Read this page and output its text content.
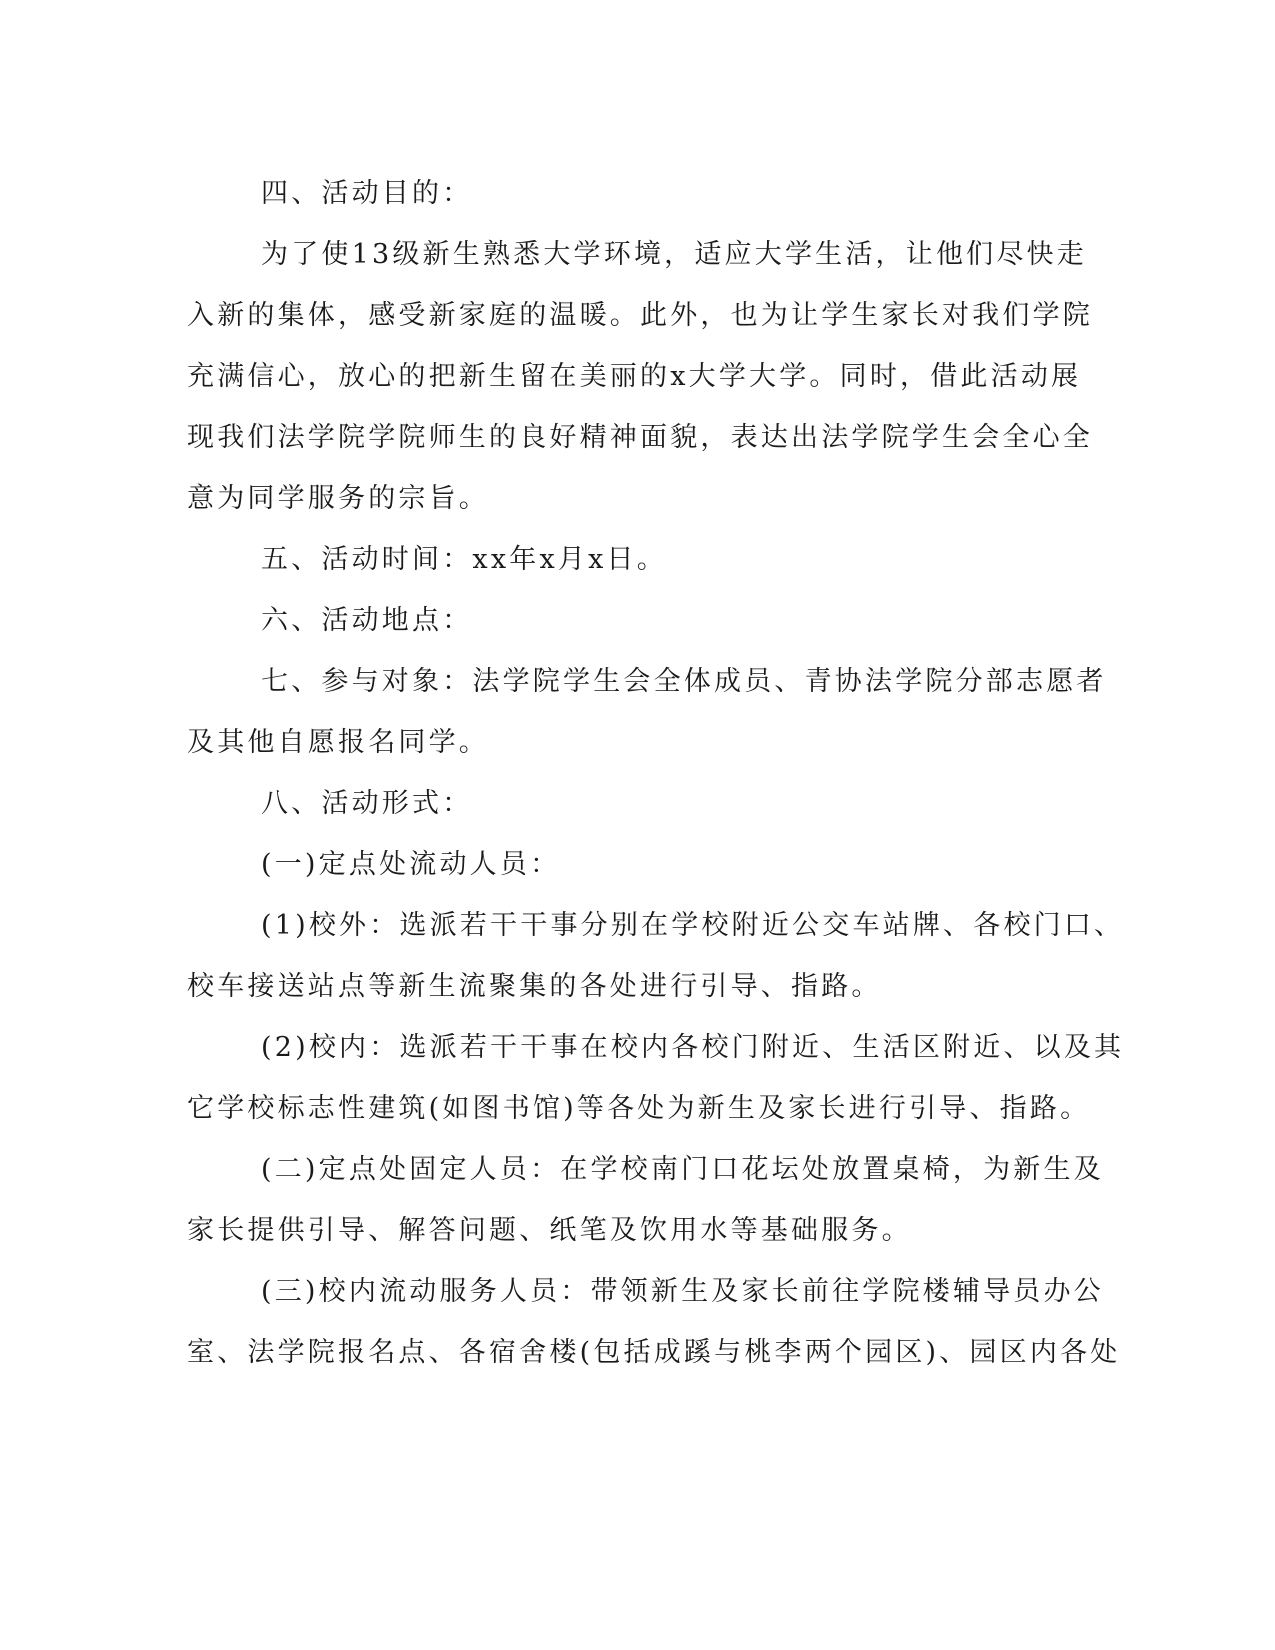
四、活动目的：
为了使13级新生熟悉大学环境，适应大学生活，让他们尽快走
入新的集体，感受新家庭的温暖。此外，也为让学生家长对我们学院
充满信心，放心的把新生留在美丽的x大学大学。同时，借此活动展
现我们法学院学院师生的良好精神面貌，表达出法学院学生会全心全
意为同学服务的宗旨。
五、活动时间：xx年x月x日。
六、活动地点：
七、参与对象：法学院学生会全体成员、青协法学院分部志愿者
及其他自愿报名同学。
八、活动形式：
(一)定点处流动人员：
(1)校外：选派若干干事分别在学校附近公交车站牌、各校门口、
校车接送站点等新生流聚集的各处进行引导、指路。
(2)校内：选派若干干事在校内各校门附近、生活区附近、以及其
它学校标志性建筑(如图书馆)等各处为新生及家长进行引导、指路。
(二)定点处固定人员：在学校南门口花坛处放置桌椅，为新生及
家长提供引导、解答问题、纸笔及饮用水等基础服务。
(三)校内流动服务人员：带领新生及家长前往学院楼辅导员办公
室、法学院报名点、各宿舍楼(包括成蹊与桃李两个园区)、园区内各处
